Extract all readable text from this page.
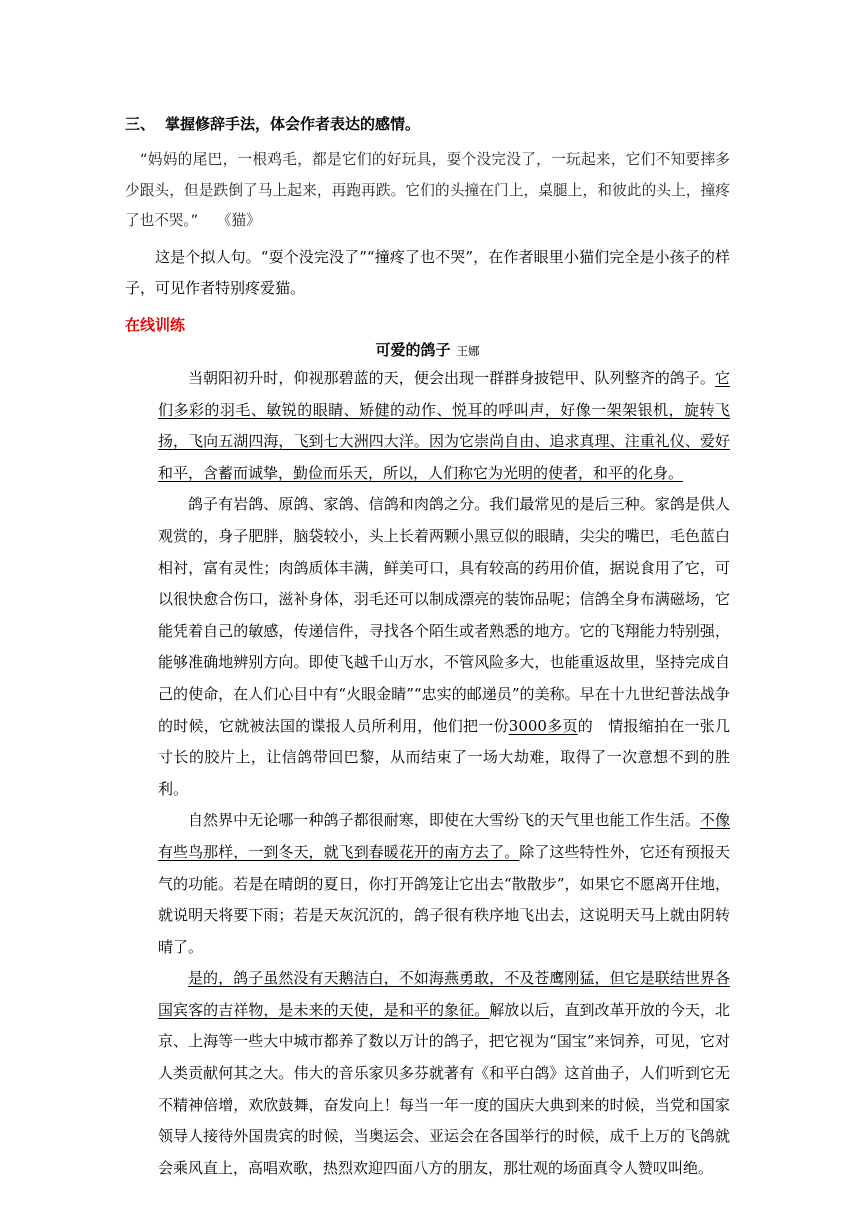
三、 掌握修辞手法，体会作者表达的感情。
“妈妈的尾巴，一根鸡毛，都是它们的好玩具，耍个没完没了，一玩起来，它们不知要摔多少跟头，但是跌倒了马上起来，再跑再跌。它们的头撞在门上，桌腿上，和彼此的头上，撞疼了也不哭。” 《猫》
这是个拟人句。“耍个没完没了”“撞疼了也不哭”，在作者眼里小猫们完全是小孩子的样子，可见作者特别疼爱猫。
在线训练
可爱的鸽子 王娜

当朝阳初升时，仰视那碧蓝的天，便会出现一群群身披铠甲、队列整齐的鸽子。它们多彩的羽毛、敏锐的眼睛、矫健的动作、悦耳的呼叫声，好像一架架银机，旋转飞扬，飞向五湖四海，飞到七大洲四大洋。因为它崇尚自由、追求真理、注重礼仪、爱好和平，含蓄而诚挚，勤俭而乐天，所以，人们称它为光明的使者，和平的化身。

鸽子有岩鸽、原鸽、家鸽、信鸽和肉鸽之分。我们最常见的是后三种。家鸽是供人观赏的，身子肥胖，脑袋较小，头上长着两颗小黑豆似的眼睛，尖尖的嘴巴，毛色蓝白相衬，富有灵性；肉鸽质体丰满，鲜美可口，具有较高的药用价值，据说食用了它，可以很快愈合伤口，滋补身体，羽毛还可以制成漂亮的装饰品呢；信鸽全身布满磁场，它能凭着自己的敏感，传递信件，寻找各个陌生或者熟悉的地方。它的飞翔能力特别强，能够准确地辨别方向。即使飞越千山万水，不管风险多大，也能重返故里，坚持完成自己的使命，在人们心目中有“火眼金睛”“忠实的邮递员”的美称。早在十九世纪普法战争的时候，它就被法国的谍报人员所利用，他们把一份3000多页的　情报缩拍在一张几寸长的胶片上，让信鸽带回巴黎，从而结束了一场大劫难，取得了一次意想不到的胜利。

自然界中无论哪一种鸽子都很耐寒，即使在大雪纷飞的天气里也能工作生活。不像有些鸟那样，一到冬天，就飞到春暖花开的南方去了。除了这些特性外，它还有预报天气的功能。若是在晴朗的夏日，你打开鸽笼让它出去“散散步”，如果它不愿离开住地，就说明天将要下雨；若是天灰沉沉的，鸽子很有秩序地飞出去，这说明天马上就由阴转晴了。

是的，鸽子虽然没有天鹅洁白，不如海燕勇敢，不及苍鹰刚猛，但它是联结世界各国宾客的吉祥物，是未来的天使，是和平的象征。解放以后，直到改革开放的今天，北京、上海等一些大中城市都养了数以万计的鸽子，把它视为“国宝”来饲养，可见，它对人类贡献何其之大。伟大的音乐家贝多芬就著有《和平白鸽》这首曲子，人们听到它无不精神倍增，欢欣鼓舞，奋发向上！每当一年一度的国庆大典到来的时候，当党和国家领导人接待外国贵宾的时候，当奥运会、亚运会在各国举行的时候，成千上万的飞鸽就会乘风直上，高唱欢歌，热烈欢迎四面八方的朋友，那壮观的场面真令人赞叹叫绝。
